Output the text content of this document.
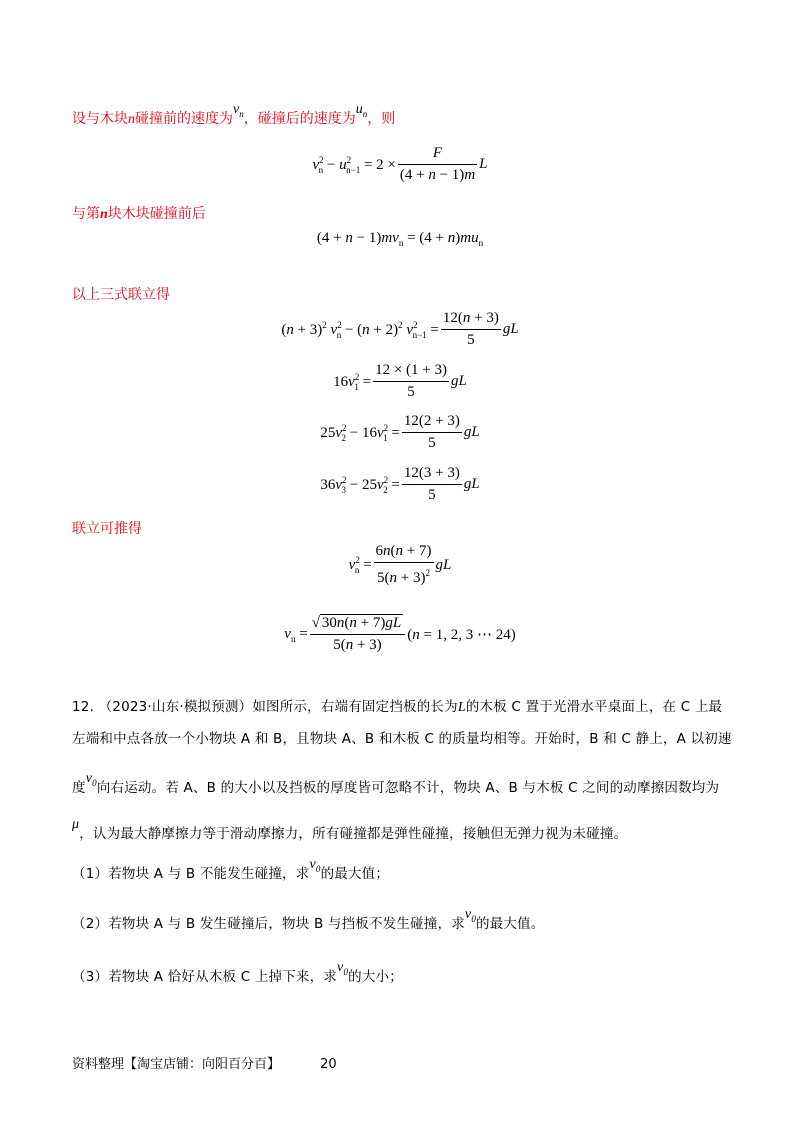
设与木块n碰撞前的速度为$v_n$，碰撞后的速度为$u_n$，则
$v^2_n - u^2_{n-1} = 2 \times \frac{F}{(4 + n - 1)m}$ L
与第n块木块碰撞前后
$(4 + n - 1)mv_n = (4 + n)mu_n$
以上三式联立得
$(n + 3)^2$ $v^2_n - (n + 2)^2$ $v^2_{n-1} = \frac{12(n + 3)}{5}$ gL
$16v^2_1 = \frac{12 \times (1 + 3)}{5}$ gL
$25v^2_2 - 16v^2_1 = \frac{12(2 + 3)}{5}$ gL
$36v^2_3 - 25v^2_2 = \frac{12(3 + 3)}{5}$ gL
联立可推得
$v^2_n = \frac{6n(n + 7)}{5(n + 3)^2}$ gL
$v_n = \frac{√ 30n(n + 7)gL}{5(n + 3)} (n = 1$, 2, 3 ⋯ 24)
12. （2023·山东·模拟预测）如图所示，右端有固定挡板的长为L的木板 C 置于光滑水平桌面上，在 C 上最
左端和中点各放一个小物块 A 和 B，且物块 A、B 和木板 C 的质量均相等。开始时，B 和 C 静上，A 以初速
度$v_0$向右运动。若 A、B 的大小以及挡板的厚度皆可忽略不计，物块 A、B 与木板 C 之间的动摩擦因数均为
μ，认为最大静摩擦力等于滑动摩擦力，所有碰撞都是弹性碰撞，接触但无弹力视为未碰撞。
（1）若物块 A 与 B 不能发生碰撞，求$v_0$的最大值；
（2）若物块 A 与 B 发生碰撞后，物块 B 与挡板不发生碰撞，求$v_0$的最大值。
（3）若物块 A 恰好从木板 C 上掉下来，求$v_0$的大小；
资料整理【淘宝店铺：向阳百分百】	20
